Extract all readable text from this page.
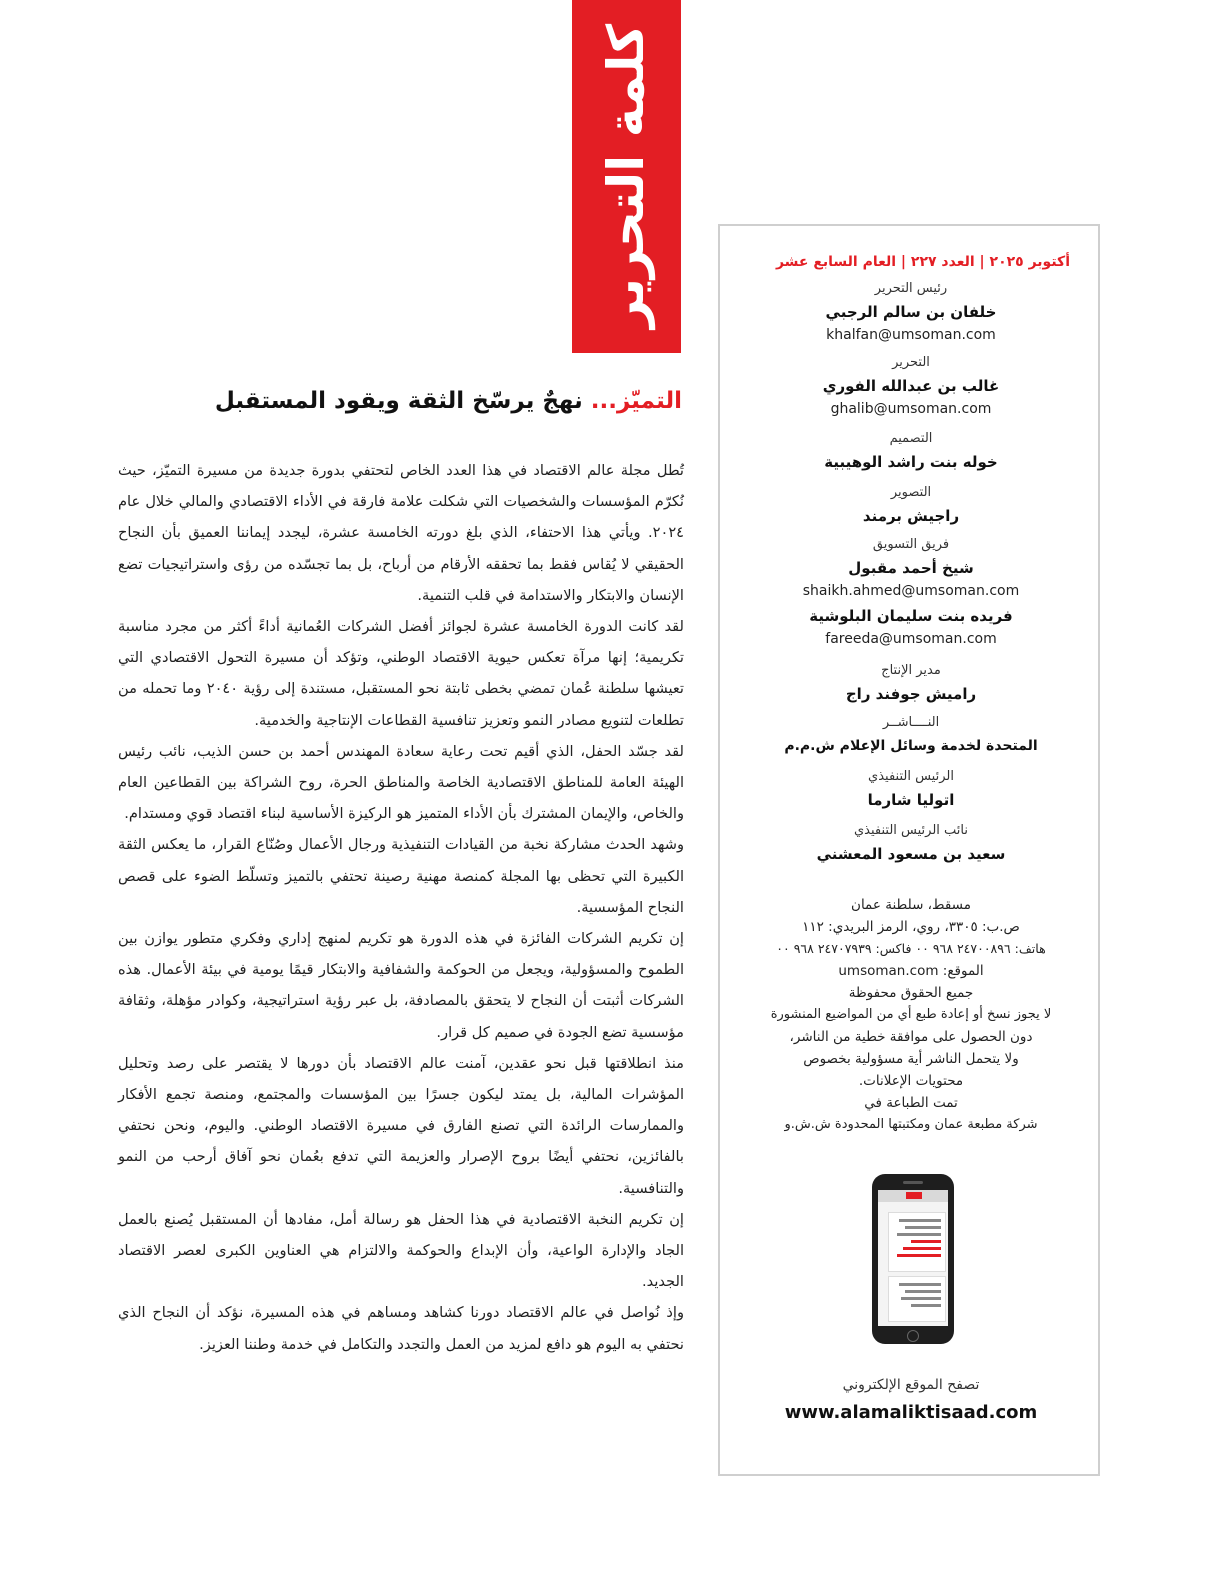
كلمة التحرير
التميّز... نهجٌ يرسّخ الثقة ويقود المستقبل

تُطل مجلة عالم الاقتصاد في هذا العدد الخاص لتحتفي بدورة جديدة من مسيرة التميّز، حيث نُكرّم المؤسسات والشخصيات التي شكلت علامة فارقة في الأداء الاقتصادي والمالي خلال عام ٢٠٢٤. ويأتي هذا الاحتفاء، الذي بلغ دورته الخامسة عشرة، ليجدد إيماننا العميق بأن النجاح الحقيقي لا يُقاس فقط بما تحققه الأرقام من أرباح، بل بما تجسّده من رؤى واستراتيجيات تضع الإنسان والابتكار والاستدامة في قلب التنمية.

لقد كانت الدورة الخامسة عشرة لجوائز أفضل الشركات العُمانية أداءً أكثر من مجرد مناسبة تكريمية؛ إنها مرآة تعكس حيوية الاقتصاد الوطني، وتؤكد أن مسيرة التحول الاقتصادي التي تعيشها سلطنة عُمان تمضي بخطى ثابتة نحو المستقبل، مستندة إلى رؤية ٢٠٤٠ وما تحمله من تطلعات لتنويع مصادر النمو وتعزيز تنافسية القطاعات الإنتاجية والخدمية.

لقد جسّد الحفل، الذي أقيم تحت رعاية سعادة المهندس أحمد بن حسن الذيب، نائب رئيس الهيئة العامة للمناطق الاقتصادية الخاصة والمناطق الحرة، روح الشراكة بين القطاعين العام والخاص، والإيمان المشترك بأن الأداء المتميز هو الركيزة الأساسية لبناء اقتصاد قوي ومستدام.

وشهد الحدث مشاركة نخبة من القيادات التنفيذية ورجال الأعمال وصُنّاع القرار، ما يعكس الثقة الكبيرة التي تحظى بها المجلة كمنصة مهنية رصينة تحتفي بالتميز وتسلّط الضوء على قصص النجاح المؤسسية.

إن تكريم الشركات الفائزة في هذه الدورة هو تكريم لمنهج إداري وفكري متطور يوازن بين الطموح والمسؤولية، ويجعل من الحوكمة والشفافية والابتكار قيمًا يومية في بيئة الأعمال. هذه الشركات أثبتت أن النجاح لا يتحقق بالمصادفة، بل عبر رؤية استراتيجية، وكوادر مؤهلة، وثقافة مؤسسية تضع الجودة في صميم كل قرار.

منذ انطلاقتها قبل نحو عقدين، آمنت عالم الاقتصاد بأن دورها لا يقتصر على رصد وتحليل المؤشرات المالية، بل يمتد ليكون جسرًا بين المؤسسات والمجتمع، ومنصة تجمع الأفكار والممارسات الرائدة التي تصنع الفارق في مسيرة الاقتصاد الوطني. واليوم، ونحن نحتفي بالفائزين، نحتفي أيضًا بروح الإصرار والعزيمة التي تدفع بعُمان نحو آفاق أرحب من النمو والتنافسية.

إن تكريم النخبة الاقتصادية في هذا الحفل هو رسالة أمل، مفادها أن المستقبل يُصنع بالعمل الجاد والإدارة الواعية، وأن الإبداع والحوكمة والالتزام هي العناوين الكبرى لعصر الاقتصاد الجديد.

وإذ نُواصل في عالم الاقتصاد دورنا كشاهد ومساهم في هذه المسيرة، نؤكد أن النجاح الذي نحتفي به اليوم هو دافع لمزيد من العمل والتجدد والتكامل في خدمة وطننا العزيز.

أكتوبر ٢٠٢٥ | العدد ٢٢٧ | العام السابع عشر
رئيس التحرير
خلفان بن سالم الرجبي
khalfan@umsoman.com
التحرير
غالب بن عبدالله الفوري
ghalib@umsoman.com
التصميم
خوله بنت راشد الوهيبية
التصوير
راجيش برمند
فريق التسويق
شيخ أحمد مقبول
shaikh.ahmed@umsoman.com
فريده بنت سليمان البلوشية
fareeda@umsoman.com
مدير الإنتاج
راميش جوفند راج
النــــاشــر
المتحدة لخدمة وسائل الإعلام ش.م.م
الرئيس التنفيذي
اتوليا شارما
نائب الرئيس التنفيذي
سعيد بن مسعود المعشني
مسقط، سلطنة عمان
ص.ب: ٣٣٠٥، روي، الرمز البريدي: ١١٢
هاتف: ٢٤٧٠٠٨٩٦ ٩٦٨ ٠٠ فاكس: ٢٤٧٠٧٩٣٩ ٩٦٨ ٠٠
الموقع: umsoman.com
جميع الحقوق محفوظة
لا يجوز نسخ أو إعادة طبع أي من المواضيع المنشورة
دون الحصول على موافقة خطية من الناشر،
ولا يتحمل الناشر أية مسؤولية بخصوص
محتويات الإعلانات.
تمت الطباعة في
شركة مطبعة عمان ومكتبتها المحدودة ش.ش.و
تصفح الموقع الإلكتروني
www.alamaliktisaad.com
